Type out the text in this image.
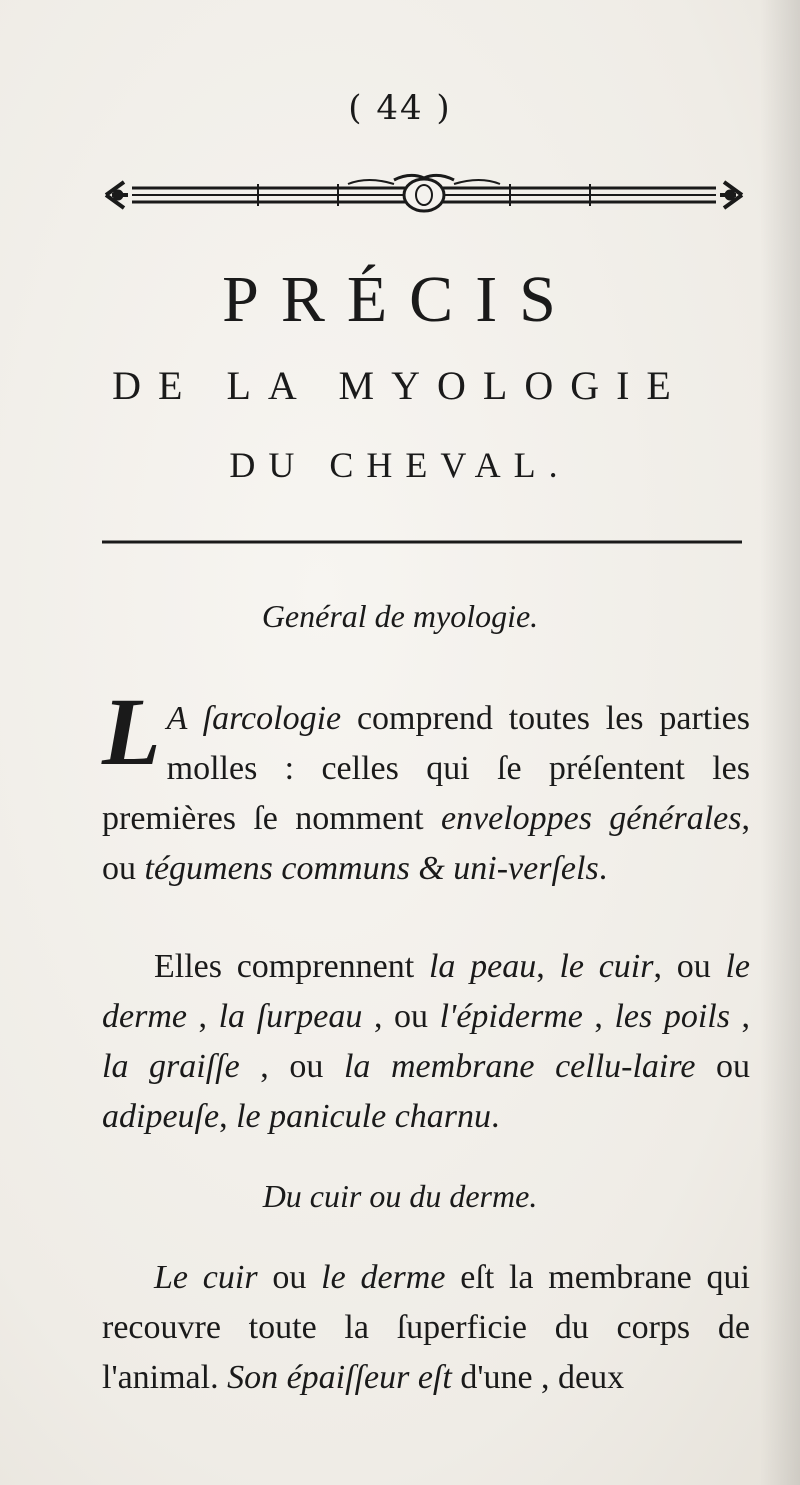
( 44 )
PRÉCIS
DE LA MYOLOGIE
DU CHEVAL.
Genéral de myologie.
L A ſarcologie comprend toutes les parties molles : celles qui ſe préſentent les premières ſe nomment enveloppes générales, ou tégumens communs & uni-verſels.
Elles comprennent la peau, le cuir, ou le derme , la ſurpeau , ou l'épiderme , les poils , la graiſſe , ou la membrane cellu-laire ou adipeuſe, le panicule charnu.
Du cuir ou du derme.
Le cuir ou le derme eſt la membrane qui recouvre toute la ſuperficie du corps de l'animal. Son épaiſſeur eſt d'une , deux
